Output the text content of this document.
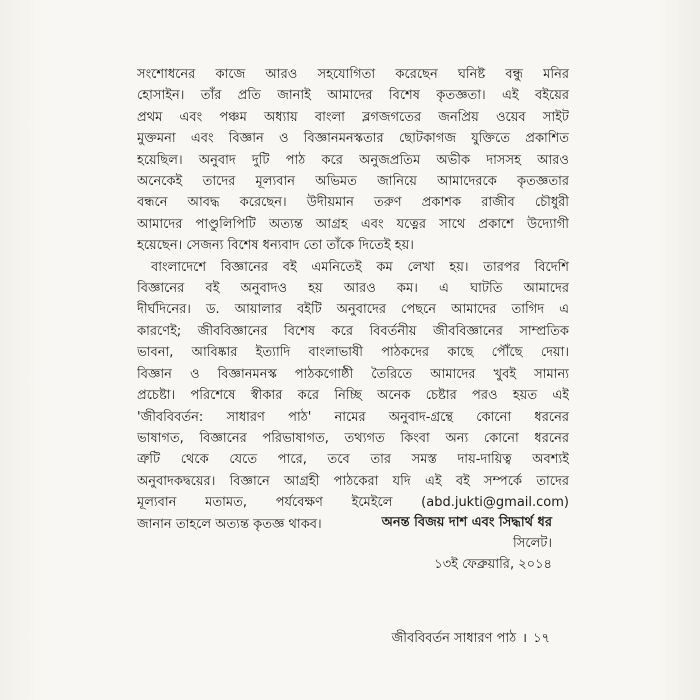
সংশোধনের কাজে আরও সহযোগিতা করেছেন ঘনিষ্ট বন্ধু মনির
হোসাইন। তাঁর প্রতি জানাই আমাদের বিশেষ কৃতজ্ঞতা। এই বইয়ের
প্রথম এবং পঞ্চম অধ্যায় বাংলা ব্লগজগতের জনপ্রিয় ওয়েব সাইট
মুক্তমনা এবং বিজ্ঞান ও বিজ্ঞানমনস্কতার ছোটকাগজ যুক্তিতে প্রকাশিত
হয়েছিল। অনুবাদ দুটি পাঠ করে অনুজপ্রতিম অভীক দাসসহ আরও
অনেকেই তাদের মূল্যবান অভিমত জানিয়ে আমাদেরকে কৃতজ্ঞতার
বন্ধনে আবদ্ধ করেছেন। উদীয়মান তরুণ প্রকাশক রাজীব চৌধুরী
আমাদের পাণ্ডুলিপিটি অত্যন্ত আগ্রহ এবং যত্নের সাথে প্রকাশে উদ্যোগী
হয়েছেন। সেজন্য বিশেষ ধন্যবাদ তো তাঁকে দিতেই হয়।
বাংলাদেশে বিজ্ঞানের বই এমনিতেই কম লেখা হয়। তারপর বিদেশি
বিজ্ঞানের বই অনুবাদও হয় আরও কম। এ ঘাটতি আমাদের
দীর্ঘদিনের। ড. আয়ালার বইটি অনুবাদের পেছনে আমাদের তাগিদ এ
কারণেই; জীববিজ্ঞানের বিশেষ করে বিবর্তনীয় জীববিজ্ঞানের সাম্প্রতিক
ভাবনা, আবিষ্কার ইত্যাদি বাংলাভাষী পাঠকদের কাছে পৌঁছে দেয়া।
বিজ্ঞান ও বিজ্ঞানমনস্ক পাঠকগোষ্ঠী তৈরিতে আমাদের খুবই সামান্য
প্রচেষ্টা। পরিশেষে স্বীকার করে নিচ্ছি অনেক চেষ্টার পরও হয়ত এই
'জীববিবর্তন: সাধারণ পাঠ' নামের অনুবাদ-গ্রন্থে কোনো ধরনের
ভাষাগত, বিজ্ঞানের পরিভাষাগত, তথ্যগত কিংবা অন্য কোনো ধরনের
ত্রুটি থেকে যেতে পারে, তবে তার সমস্ত দায়-দায়িত্ব অবশ্যই
অনুবাদকদ্বয়ের। বিজ্ঞানে আগ্রহী পাঠকেরা যদি এই বই সম্পর্কে তাদের
মূল্যবান মতামত, পর্যবেক্ষণ ইমেইলে (abd.jukti@gmail.com)
জানান তাহলে অত্যন্ত কৃতজ্ঞ থাকব।	অনন্ত বিজয় দাশ এবং সিদ্ধার্থ ধর
সিলেট।
১৩ই ফেব্রুয়ারি, ২০১৪
জীববিবর্তন সাধারণ পাঠ । ১৭
